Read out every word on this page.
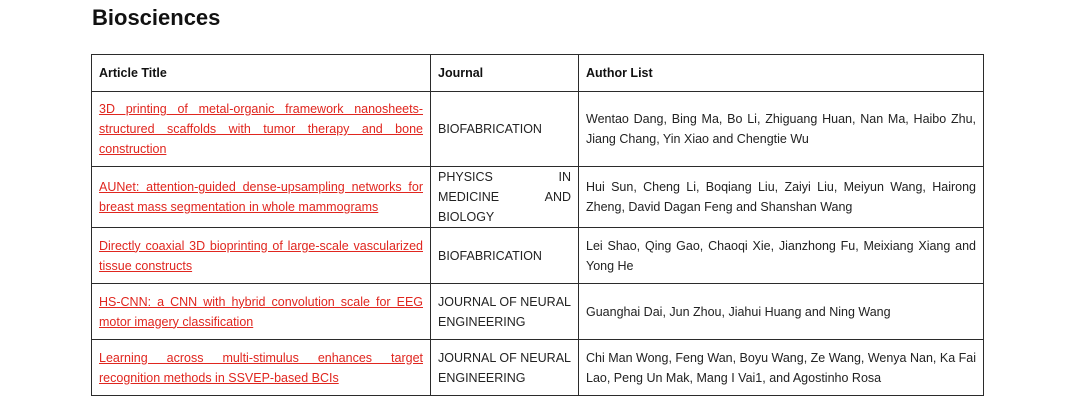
Biosciences
Article Title	Journal	Author List
3D printing of metal-organic framework nanosheets-structured scaffolds with tumor therapy and bone construction	BIOFABRICATION	Wentao Dang, Bing Ma, Bo Li, Zhiguang Huan, Nan Ma, Haibo Zhu, Jiang Chang, Yin Xiao and Chengtie Wu
AUNet: attention-guided dense-upsampling networks for breast mass segmentation in whole mammograms	PHYSICS IN MEDICINE AND BIOLOGY	Hui Sun, Cheng Li, Boqiang Liu, Zaiyi Liu, Meiyun Wang, Hairong Zheng, David Dagan Feng and Shanshan Wang
Directly coaxial 3D bioprinting of large-scale vascularized tissue constructs	BIOFABRICATION	Lei Shao, Qing Gao, Chaoqi Xie, Jianzhong Fu, Meixiang Xiang and Yong He
HS-CNN: a CNN with hybrid convolution scale for EEG motor imagery classification	JOURNAL OF NEURAL ENGINEERING	Guanghai Dai, Jun Zhou, Jiahui Huang and Ning Wang
Learning across multi-stimulus enhances target recognition methods in SSVEP-based BCIs	JOURNAL OF NEURAL ENGINEERING	Chi Man Wong, Feng Wan, Boyu Wang, Ze Wang, Wenya Nan, Ka Fai Lao, Peng Un Mak, Mang I Vai1, and Agostinho Rosa
